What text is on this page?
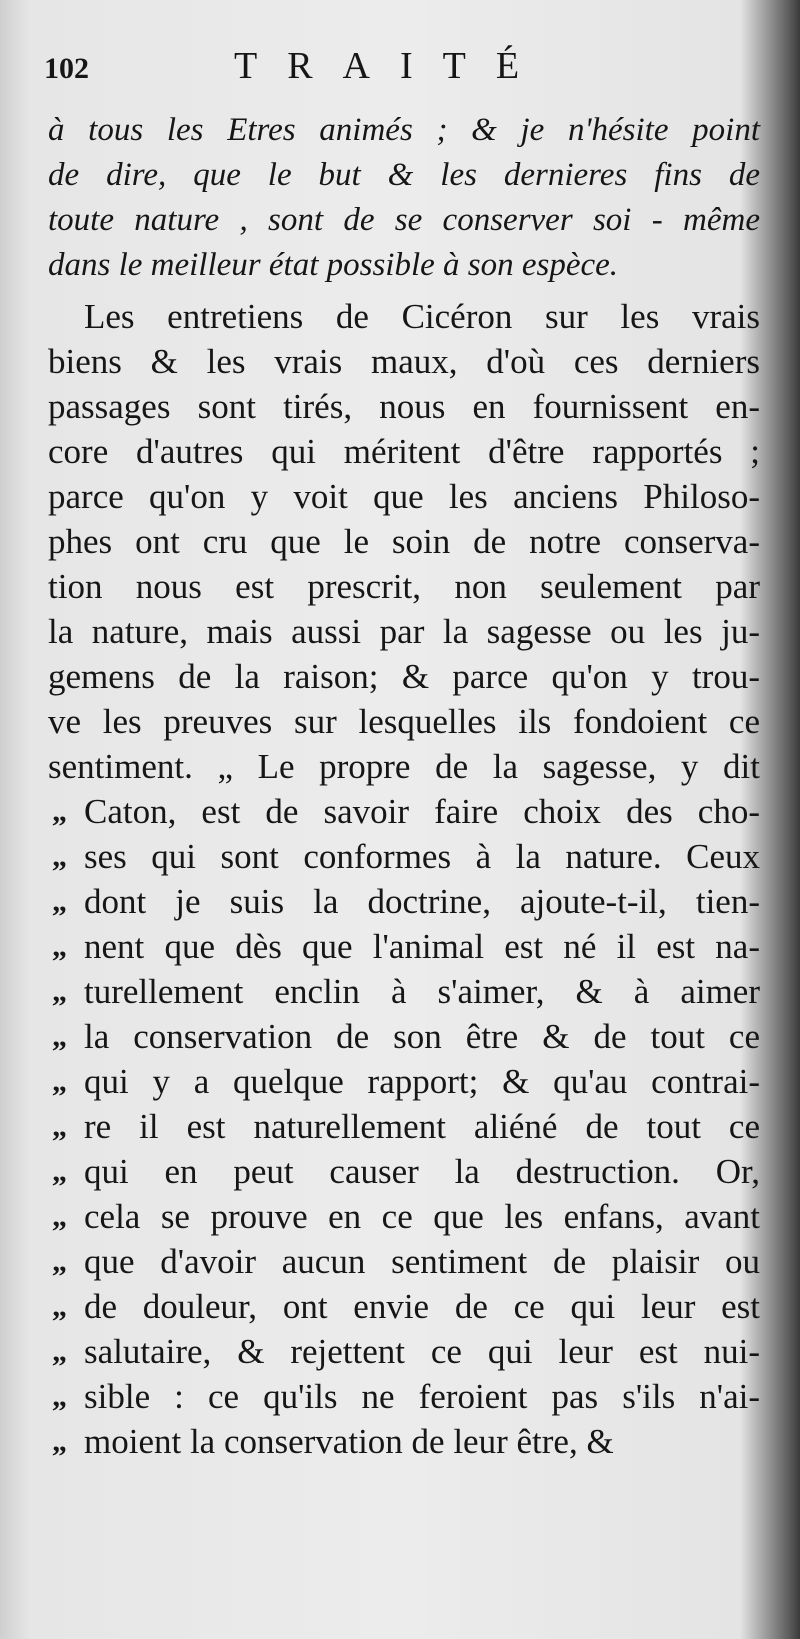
102	TRAITÉ
à tous les Etres animés ; & je n'hésite point
de dire, que le but & les dernieres fins de
toute nature , sont de se conserver soi - même
dans le meilleur état possible à son espèce.
Les entretiens de Cicéron sur les vrais
biens & les vrais maux, d'où ces derniers
passages sont tirés, nous en fournissent en-
core d'autres qui méritent d'être rapportés ;
parce qu'on y voit que les anciens Philoso-
phes ont cru que le soin de notre conserva-
tion nous est prescrit, non seulement par
la nature, mais aussi par la sagesse ou les ju-
gemens de la raison; & parce qu'on y trou-
ve les preuves sur lesquelles ils fondoient ce
sentiment. „ Le propre de la sagesse, y dit
„ Caton, est de savoir faire choix des cho-
„ ses qui sont conformes à la nature. Ceux
„ dont je suis la doctrine, ajoute-t-il, tien-
„ nent que dès que l'animal est né il est na-
„ turellement enclin à s'aimer, & à aimer
„ la conservation de son être & de tout ce
„ qui y a quelque rapport; & qu'au contrai-
„ re il est naturellement aliéné de tout ce
„ qui en peut causer la destruction. Or,
„ cela se prouve en ce que les enfans, avant
„ que d'avoir aucun sentiment de plaisir ou
„ de douleur, ont envie de ce qui leur est
„ salutaire, & rejettent ce qui leur est nui-
„ sible : ce qu'ils ne feroient pas s'ils n'ai-
„ moient la conservation de leur être, &
